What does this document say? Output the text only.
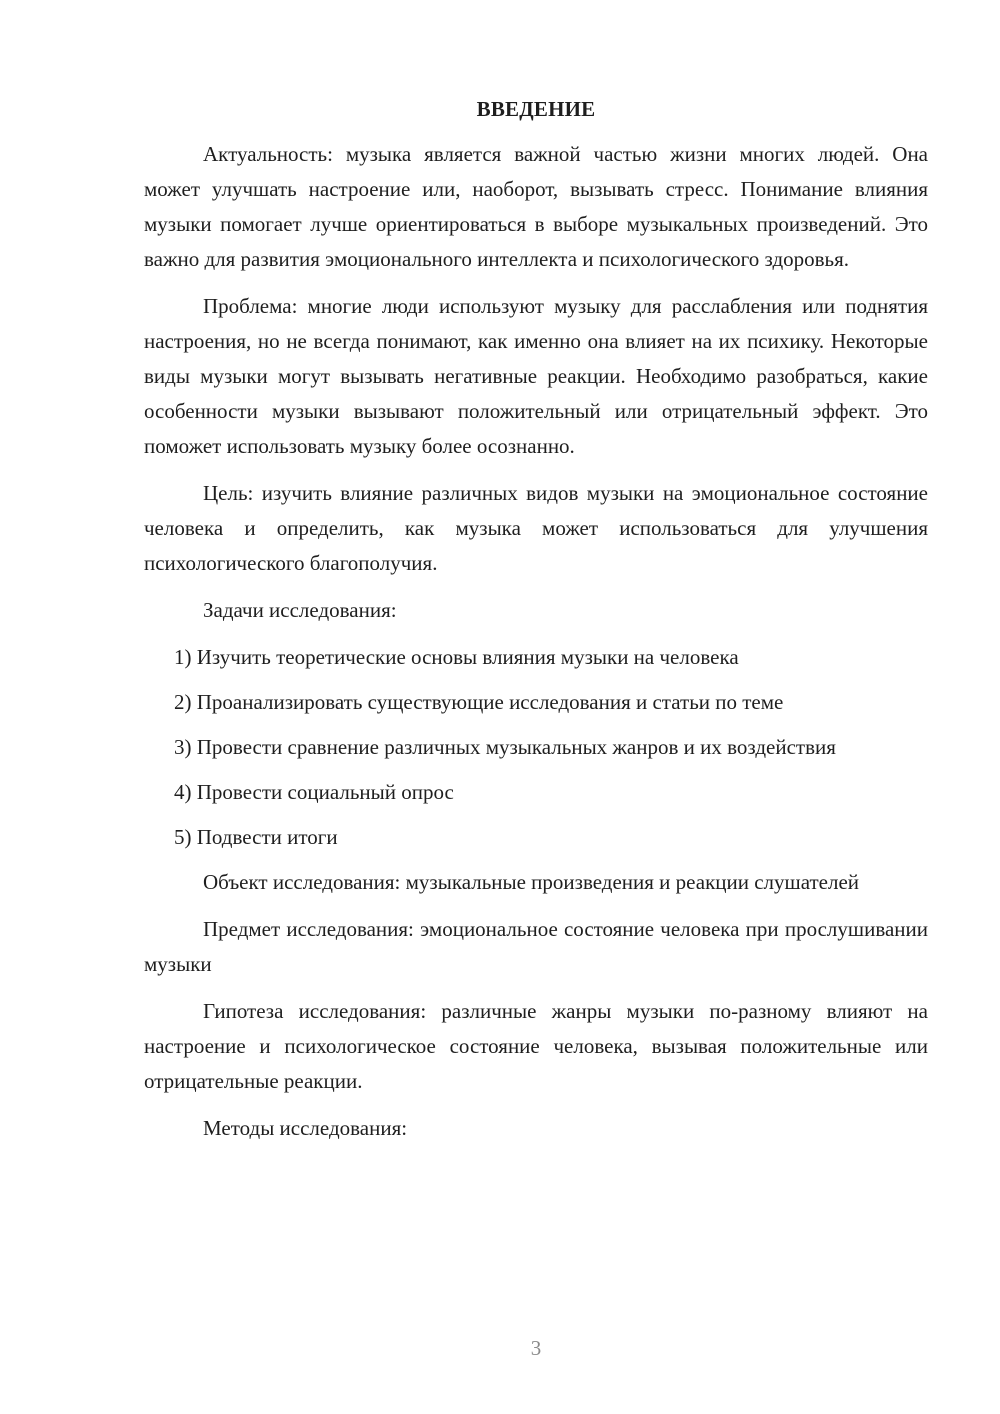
ВВЕДЕНИЕ

Актуальность: музыка является важной частью жизни многих людей. Она может улучшать настроение или, наоборот, вызывать стресс. Понимание влияния музыки помогает лучше ориентироваться в выборе музыкальных произведений. Это важно для развития эмоционального интеллекта и психологического здоровья.

Проблема: многие люди используют музыку для расслабления или поднятия настроения, но не всегда понимают, как именно она влияет на их психику. Некоторые виды музыки могут вызывать негативные реакции. Необходимо разобраться, какие особенности музыки вызывают положительный или отрицательный эффект. Это поможет использовать музыку более осознанно.

Цель: изучить влияние различных видов музыки на эмоциональное состояние человека и определить, как музыка может использоваться для улучшения психологического благополучия.

Задачи исследования:

1) Изучить теоретические основы влияния музыки на человека

2) Проанализировать существующие исследования и статьи по теме

3) Провести сравнение различных музыкальных жанров и их воздействия

4) Провести социальный опрос

5) Подвести итоги

Объект исследования: музыкальные произведения и реакции слушателей

Предмет исследования: эмоциональное состояние человека при прослушивании музыки

Гипотеза исследования: различные жанры музыки по-разному влияют на настроение и психологическое состояние человека, вызывая положительные или отрицательные реакции.

Методы исследования:

3
